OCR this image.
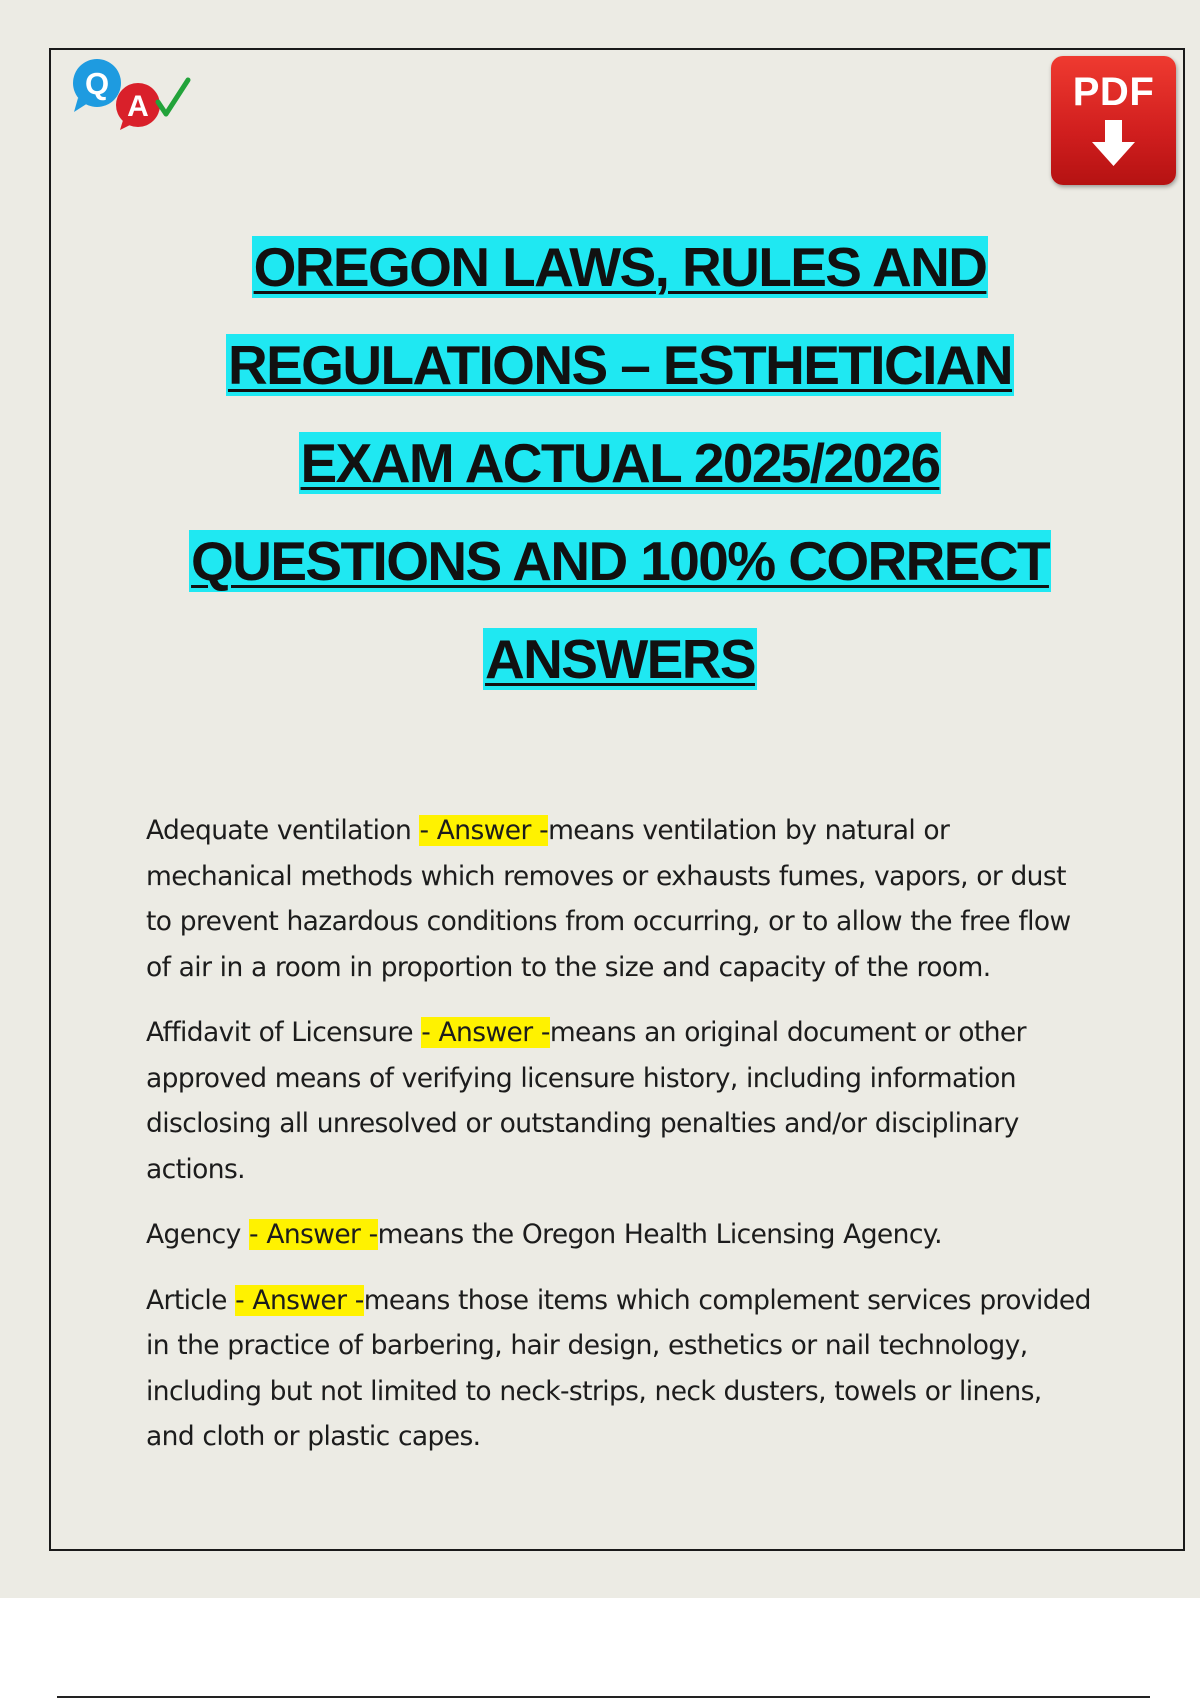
Q
A	PDF
OREGON LAWS, RULES AND
REGULATIONS – ESTHETICIAN
EXAM ACTUAL 2025/2026
QUESTIONS AND 100% CORRECT
ANSWERS

Adequate ventilation - Answer -means ventilation by natural or mechanical methods which removes or exhausts fumes, vapors, or dust to prevent hazardous conditions from occurring, or to allow the free flow of air in a room in proportion to the size and capacity of the room.

Affidavit of Licensure - Answer -means an original document or other approved means of verifying licensure history, including information disclosing all unresolved or outstanding penalties and/or disciplinary actions.

Agency - Answer -means the Oregon Health Licensing Agency.

Article - Answer -means those items which complement services provided in the practice of barbering, hair design, esthetics or nail technology, including but not limited to neck-strips, neck dusters, towels or linens, and cloth or plastic capes.
